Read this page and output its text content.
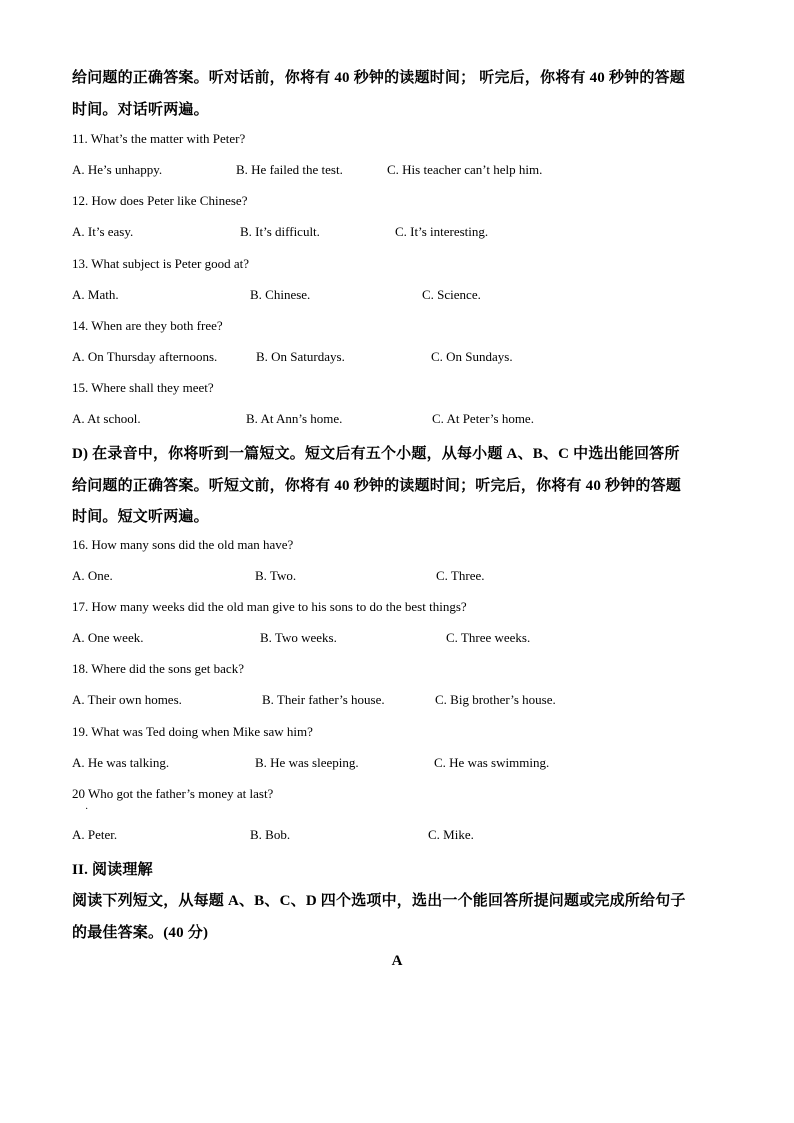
给问题的正确答案。听对话前，你将有 40 秒钟的读题时间； 听完后，你将有 40 秒钟的答题
时间。对话听两遍。
11. What’s the matter with Peter?
A. He’s unhappy.	B. He failed the test.	C. His teacher can’t help him.
12. How does Peter like Chinese?
A. It’s easy.	B. It’s difficult.	C. It’s interesting.
13. What subject is Peter good at?
A. Math.	B. Chinese.	C. Science.
14. When are they both free?
A. On Thursday afternoons.	B. On Saturdays.	C. On Sundays.
15. Where shall they meet?
A. At school.	B. At Ann’s home.	C. At Peter’s home.
D) 在录音中，你将听到一篇短文。短文后有五个小题，从每小题 A、B、C 中选出能回答所
给问题的正确答案。听短文前，你将有 40 秒钟的读题时间；听完后，你将有 40 秒钟的答题
时间。短文听两遍。
16. How many sons did the old man have?
A. One.	B. Two.	C. Three.
17. How many weeks did the old man give to his sons to do the best things?
A. One week.	B. Two weeks.	C. Three weeks.
18. Where did the sons get back?
A. Their own homes.	B. Their father’s house.	C. Big brother’s house.
19. What was Ted doing when Mike saw him?
A. He was talking.	B. He was sleeping.	C. He was swimming.
20 Who got the father’s money at last?
·
A. Peter.	B. Bob.	C. Mike.
II. 阅读理解
阅读下列短文，从每题 A、B、C、D 四个选项中，选出一个能回答所提问题或完成所给句子
的最佳答案。(40 分)
A
